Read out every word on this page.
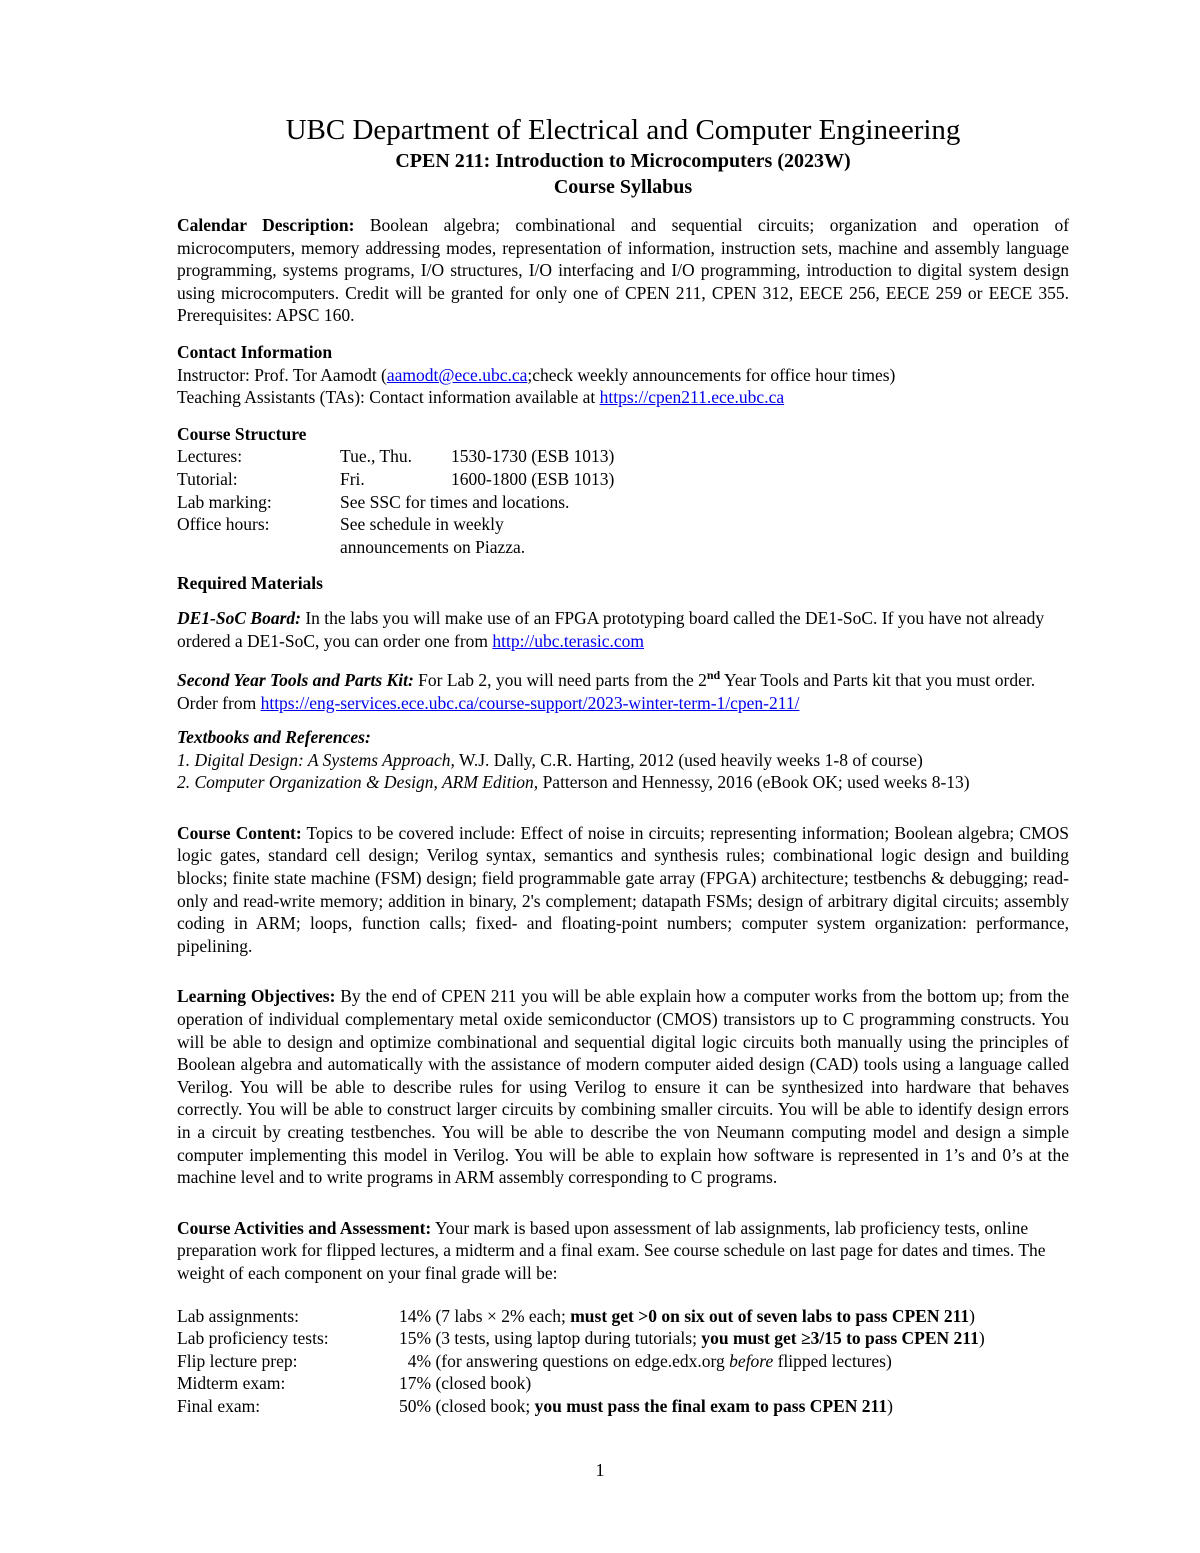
UBC Department of Electrical and Computer Engineering
CPEN 211: Introduction to Microcomputers (2023W)
Course Syllabus
Calendar Description: Boolean algebra; combinational and sequential circuits; organization and operation of microcomputers, memory addressing modes, representation of information, instruction sets, machine and assembly language programming, systems programs, I/O structures, I/O interfacing and I/O programming, introduction to digital system design using microcomputers. Credit will be granted for only one of CPEN 211, CPEN 312, EECE 256, EECE 259 or EECE 355. Prerequisites: APSC 160.
Contact Information
Instructor: Prof. Tor Aamodt (aamodt@ece.ubc.ca;check weekly announcements for office hour times)
Teaching Assistants (TAs): Contact information available at https://cpen211.ece.ubc.ca
Course Structure
Lectures:	Tue., Thu.	1530-1730 (ESB 1013)
Tutorial:	Fri.	1600-1800 (ESB 1013)
Lab marking:	See SSC for times and locations.	
Office hours:	See schedule in weekly announcements on Piazza.	
Required Materials
DE1-SoC Board: In the labs you will make use of an FPGA prototyping board called the DE1-SoC. If you have not already ordered a DE1-SoC, you can order one from http://ubc.terasic.com
Second Year Tools and Parts Kit: For Lab 2, you will need parts from the 2nd Year Tools and Parts kit that you must order. Order from https://eng-services.ece.ubc.ca/course-support/2023-winter-term-1/cpen-211/
Textbooks and References:
1. Digital Design: A Systems Approach, W.J. Dally, C.R. Harting, 2012 (used heavily weeks 1-8 of course)
2. Computer Organization & Design, ARM Edition, Patterson and Hennessy, 2016 (eBook OK; used weeks 8-13)
Course Content: Topics to be covered include: Effect of noise in circuits; representing information; Boolean algebra; CMOS logic gates, standard cell design; Verilog syntax, semantics and synthesis rules; combinational logic design and building blocks; finite state machine (FSM) design; field programmable gate array (FPGA) architecture; testbenchs & debugging; read-only and read-write memory; addition in binary, 2's complement; datapath FSMs; design of arbitrary digital circuits; assembly coding in ARM; loops, function calls; fixed- and floating-point numbers; computer system organization: performance, pipelining.
Learning Objectives: By the end of CPEN 211 you will be able explain how a computer works from the bottom up; from the operation of individual complementary metal oxide semiconductor (CMOS) transistors up to C programming constructs. You will be able to design and optimize combinational and sequential digital logic circuits both manually using the principles of Boolean algebra and automatically with the assistance of modern computer aided design (CAD) tools using a language called Verilog. You will be able to describe rules for using Verilog to ensure it can be synthesized into hardware that behaves correctly. You will be able to construct larger circuits by combining smaller circuits. You will be able to identify design errors in a circuit by creating testbenches. You will be able to describe the von Neumann computing model and design a simple computer implementing this model in Verilog. You will be able to explain how software is represented in 1’s and 0’s at the machine level and to write programs in ARM assembly corresponding to C programs.
Course Activities and Assessment: Your mark is based upon assessment of lab assignments, lab proficiency tests, online preparation work for flipped lectures, a midterm and a final exam. See course schedule on last page for dates and times. The weight of each component on your final grade will be:
Lab assignments:	14% (7 labs × 2% each; must get >0 on six out of seven labs to pass CPEN 211)
Lab proficiency tests:	15% (3 tests, using laptop during tutorials; you must get ≥3/15 to pass CPEN 211)
Flip lecture prep:	4% (for answering questions on edge.edx.org before flipped lectures)
Midterm exam:	17% (closed book)
Final exam:	50% (closed book; you must pass the final exam to pass CPEN 211)
1
